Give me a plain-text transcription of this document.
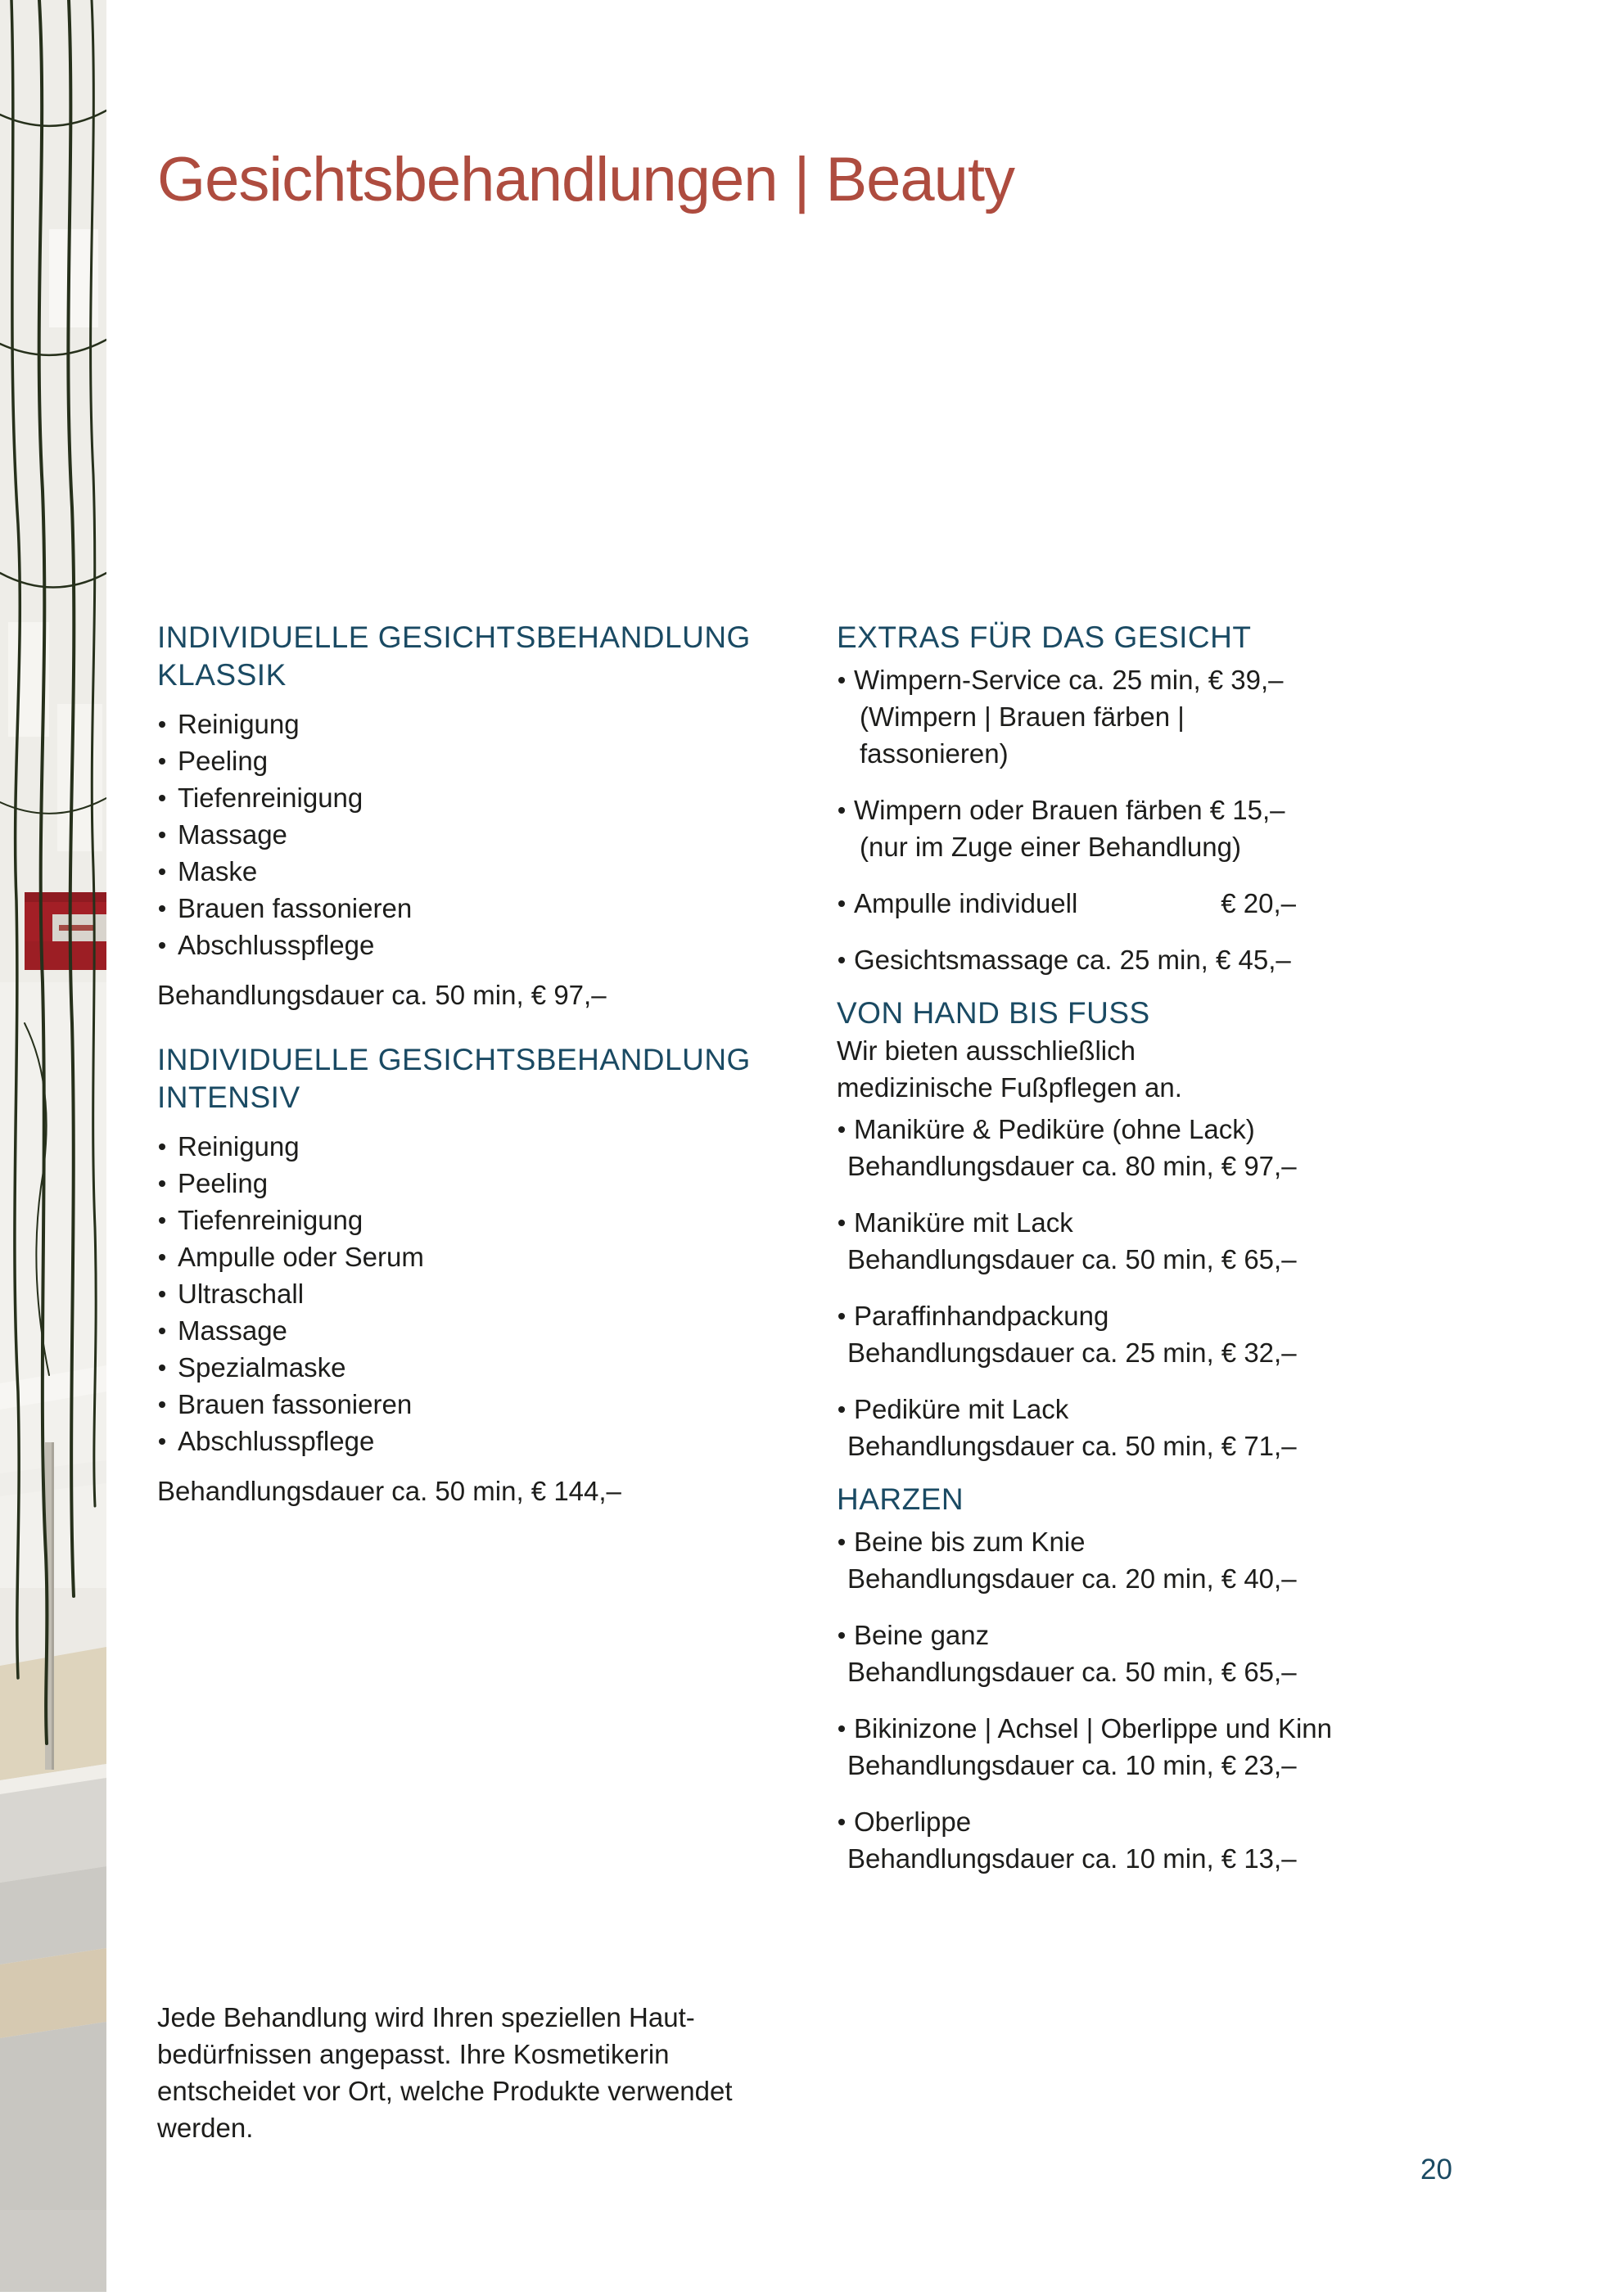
Gesichtsbehandlungen | Beauty
INDIVIDUELLE GESICHTSBEHANDLUNG
KLASSIK
Reinigung
Peeling
Tiefenreinigung
Massage
Maske
Brauen fassonieren
Abschlusspflege

Behandlungsdauer ca. 50 min, € 97,–

INDIVIDUELLE GESICHTSBEHANDLUNG
INTENSIV
Reinigung
Peeling
Tiefenreinigung
Ampulle oder Serum
Ultraschall
Massage
Spezialmaske
Brauen fassonieren
Abschlusspflege

Behandlungsdauer ca. 50 min, € 144,–

EXTRAS FÜR DAS GESICHT
Wimpern-Service ca. 25 min, € 39,–
(Wimpern | Brauen färben |
fassonieren)
Wimpern oder Brauen färben € 15,–
(nur im Zuge einer Behandlung)
Ampulle individuell	€ 20,–
Gesichtsmassage ca. 25 min, € 45,–
VON HAND BIS FUSS

Wir bieten ausschließlich
medizinische Fußpflegen an.

Maniküre & Pediküre (ohne Lack)
Behandlungsdauer ca. 80 min, € 97,–
Maniküre mit Lack
Behandlungsdauer ca. 50 min, € 65,–
Paraffinhandpackung
Behandlungsdauer ca. 25 min, € 32,–
Pediküre mit Lack
Behandlungsdauer ca. 50 min, € 71,–
HARZEN
Beine bis zum Knie
Behandlungsdauer ca. 20 min, € 40,–
Beine ganz
Behandlungsdauer ca. 50 min, € 65,–
Bikinizone | Achsel | Oberlippe und Kinn
Behandlungsdauer ca. 10 min, € 23,–
Oberlippe
Behandlungsdauer ca. 10 min, € 13,–
Jede Behandlung wird Ihren speziellen Haut-
bedürfnissen angepasst. Ihre Kosmetikerin
entscheidet vor Ort, welche Produkte verwendet
werden.
20
